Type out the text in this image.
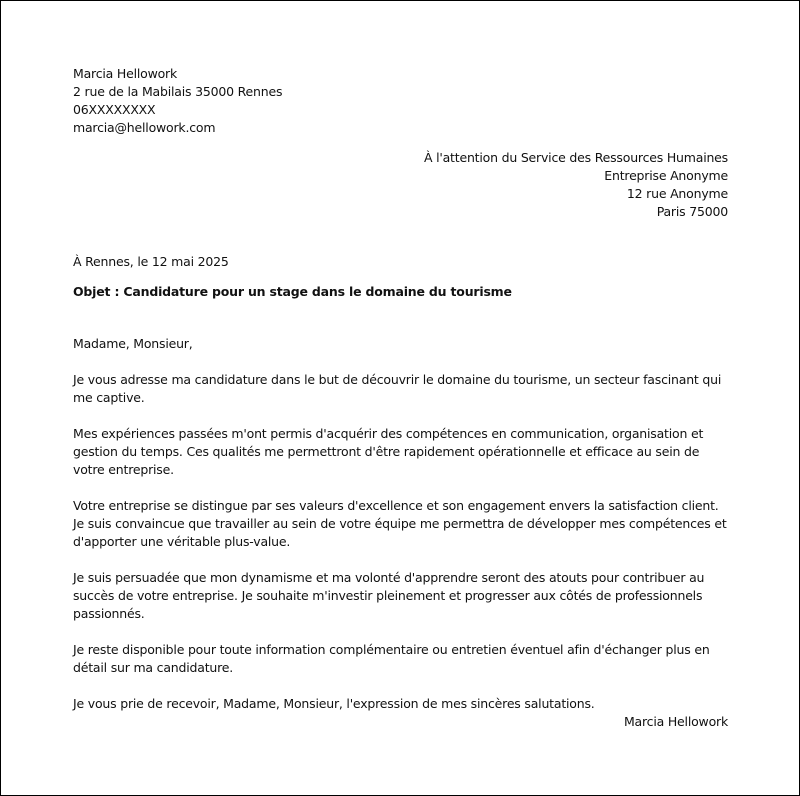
Marcia Hellowork
2 rue de la Mabilais 35000 Rennes
06XXXXXXXX
marcia@hellowork.com
À l'attention du Service des Ressources Humaines
Entreprise Anonyme
12 rue Anonyme
Paris 75000
À Rennes, le 12 mai 2025
Objet : Candidature pour un stage dans le domaine du tourisme

Madame, Monsieur,

Je vous adresse ma candidature dans le but de découvrir le domaine du tourisme, un secteur fascinant qui me captive.

Mes expériences passées m'ont permis d'acquérir des compétences en communication, organisation et gestion du temps. Ces qualités me permettront d'être rapidement opérationnelle et efficace au sein de votre entreprise.

Votre entreprise se distingue par ses valeurs d'excellence et son engagement envers la satisfaction client. Je suis convaincue que travailler au sein de votre équipe me permettra de développer mes compétences et d'apporter une véritable plus-value.

Je suis persuadée que mon dynamisme et ma volonté d'apprendre seront des atouts pour contribuer au succès de votre entreprise. Je souhaite m'investir pleinement et progresser aux côtés de professionnels passionnés.

Je reste disponible pour toute information complémentaire ou entretien éventuel afin d'échanger plus en détail sur ma candidature.

Je vous prie de recevoir, Madame, Monsieur, l'expression de mes sincères salutations.

Marcia Hellowork
